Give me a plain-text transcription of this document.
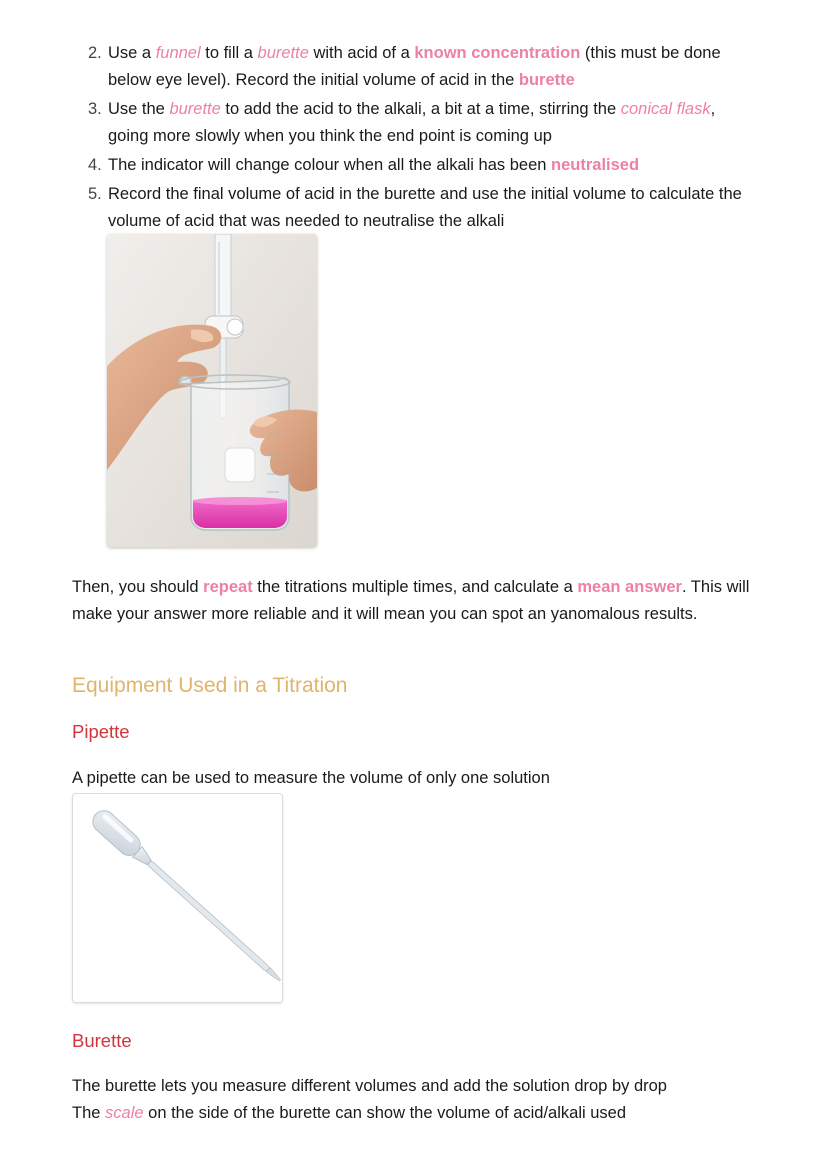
2. Use a funnel to fill a burette with acid of a known concentration (this must be done below eye level). Record the initial volume of acid in the burette
3. Use the burette to add the acid to the alkali, a bit at a time, stirring the conical flask, going more slowly when you think the end point is coming up
4. The indicator will change colour when all the alkali has been neutralised
5. Record the final volume of acid in the burette and use the initial volume to calculate the volume of acid that was needed to neutralise the alkali
Then, you should repeat the titrations multiple times, and calculate a mean answer. This will make your answer more reliable and it will mean you can spot an yanomalous results.
Equipment Used in a Titration
Pipette
A pipette can be used to measure the volume of only one solution
Burette
The burette lets you measure different volumes and add the solution drop by drop
The scale on the side of the burette can show the volume of acid/alkali used
